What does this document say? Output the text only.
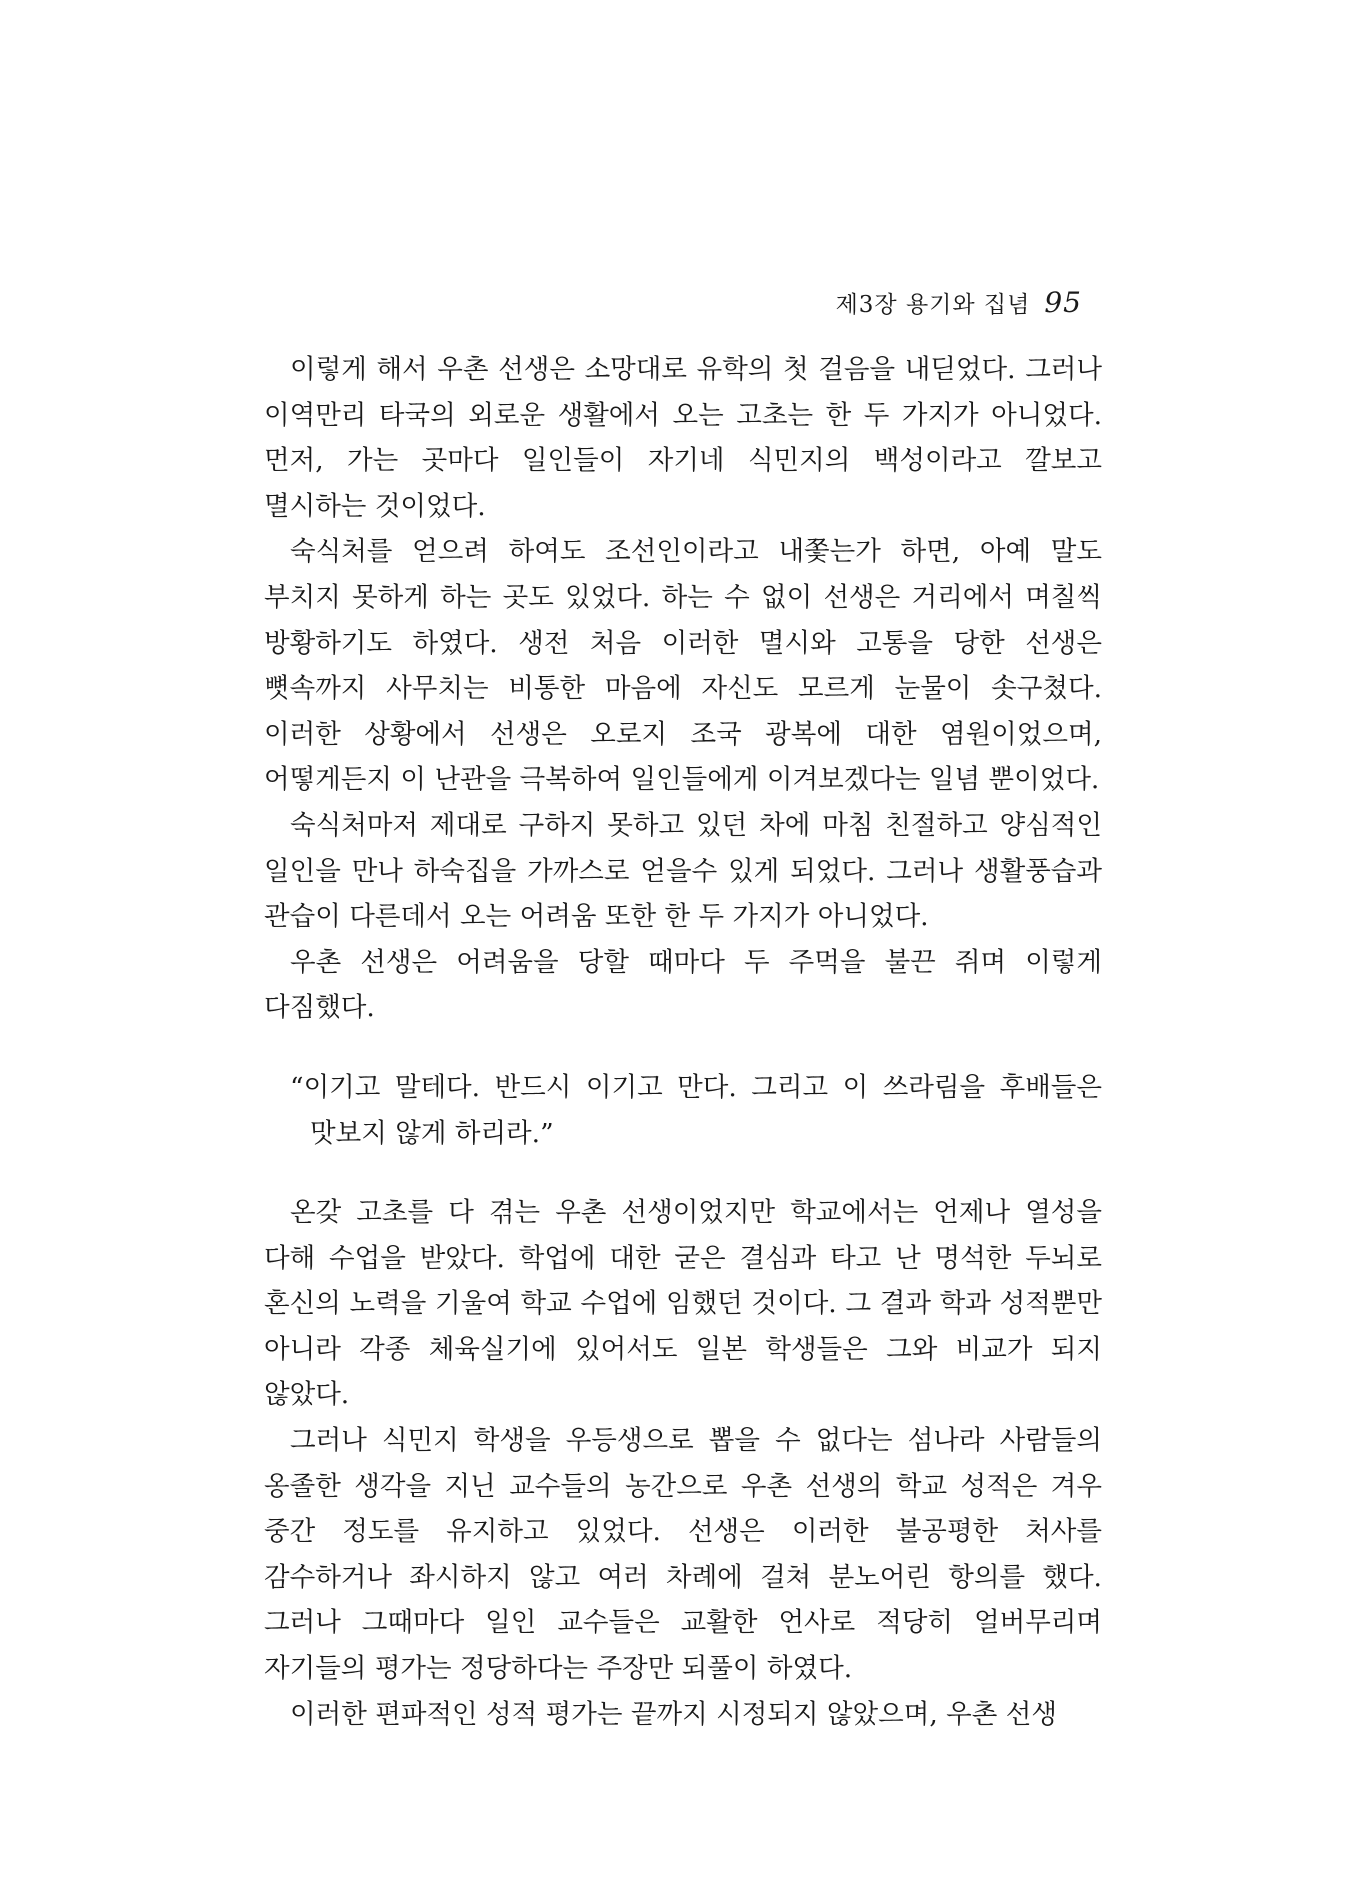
제3장 용기와 집념 95

이렇게 해서 우촌 선생은 소망대로 유학의 첫 걸음을 내딛었다. 그러나 이역만리 타국의 외로운 생활에서 오는 고초는 한 두 가지가 아니었다. 먼저, 가는 곳마다 일인들이 자기네 식민지의 백성이라고 깔보고 멸시하는 것이었다.

숙식처를 얻으려 하여도 조선인이라고 내쫓는가 하면, 아예 말도 부치지 못하게 하는 곳도 있었다. 하는 수 없이 선생은 거리에서 며칠씩 방황하기도 하였다. 생전 처음 이러한 멸시와 고통을 당한 선생은 뼛속까지 사무치는 비통한 마음에 자신도 모르게 눈물이 솟구쳤다. 이러한 상황에서 선생은 오로지 조국 광복에 대한 염원이었으며, 어떻게든지 이 난관을 극복하여 일인들에게 이겨보겠다는 일념 뿐이었다.

숙식처마저 제대로 구하지 못하고 있던 차에 마침 친절하고 양심적인 일인을 만나 하숙집을 가까스로 얻을수 있게 되었다. 그러나 생활풍습과 관습이 다른데서 오는 어려움 또한 한 두 가지가 아니었다.

우촌 선생은 어려움을 당할 때마다 두 주먹을 불끈 쥐며 이렇게 다짐했다.

“이기고 말테다. 반드시 이기고 만다. 그리고 이 쓰라림을 후배들은 맛보지 않게 하리라.”

온갖 고초를 다 겪는 우촌 선생이었지만 학교에서는 언제나 열성을 다해 수업을 받았다. 학업에 대한 굳은 결심과 타고 난 명석한 두뇌로 혼신의 노력을 기울여 학교 수업에 임했던 것이다. 그 결과 학과 성적뿐만 아니라 각종 체육실기에 있어서도 일본 학생들은 그와 비교가 되지 않았다.

그러나 식민지 학생을 우등생으로 뽑을 수 없다는 섬나라 사람들의 옹졸한 생각을 지닌 교수들의 농간으로 우촌 선생의 학교 성적은 겨우 중간 정도를 유지하고 있었다. 선생은 이러한 불공평한 처사를 감수하거나 좌시하지 않고 여러 차례에 걸쳐 분노어린 항의를 했다. 그러나 그때마다 일인 교수들은 교활한 언사로 적당히 얼버무리며 자기들의 평가는 정당하다는 주장만 되풀이 하였다.

이러한 편파적인 성적 평가는 끝까지 시정되지 않았으며, 우촌 선생
